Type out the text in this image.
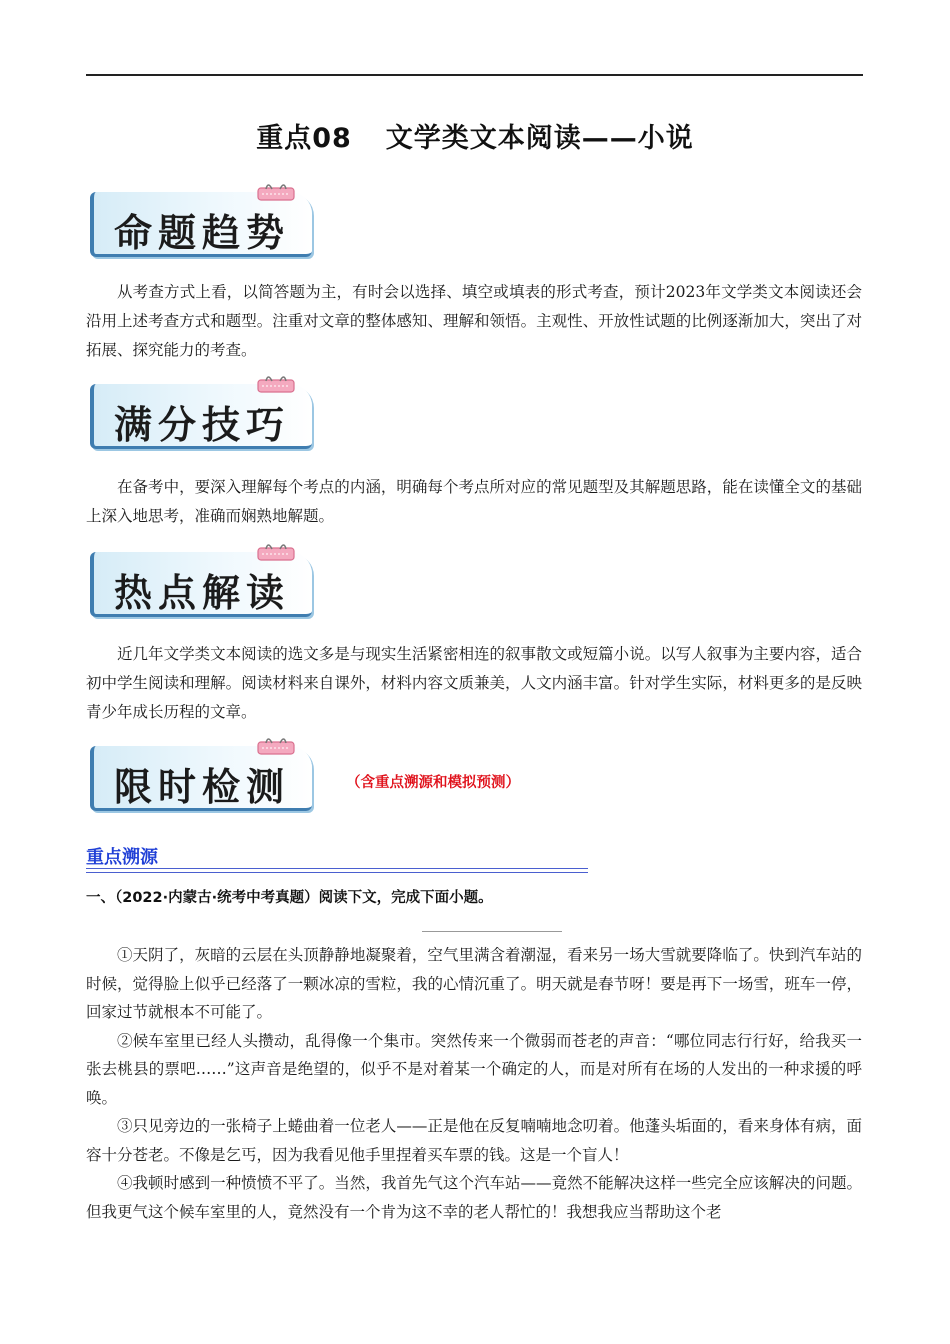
重点08 文学类文本阅读——小说
命题趋势
从考查方式上看，以简答题为主，有时会以选择、填空或填表的形式考查，预计2023年文学类文本阅读还会沿用上述考查方式和题型。注重对文章的整体感知、理解和领悟。主观性、开放性试题的比例逐渐加大，突出了对拓展、探究能力的考查。
满分技巧
在备考中，要深入理解每个考点的内涵，明确每个考点所对应的常见题型及其解题思路，能在读懂全文的基础上深入地思考，准确而娴熟地解题。
热点解读
近几年文学类文本阅读的选文多是与现实生活紧密相连的叙事散文或短篇小说。以写人叙事为主要内容，适合初中学生阅读和理解。阅读材料来自课外，材料内容文质兼美，人文内涵丰富。针对学生实际，材料更多的是反映青少年成长历程的文章。
限时检测	（含重点溯源和模拟预测）
重点溯源
一、（2022·内蒙古·统考中考真题）阅读下文，完成下面小题。

①天阴了，灰暗的云层在头顶静静地凝聚着，空气里满含着潮湿，看来另一场大雪就要降临了。快到汽车站的时候，觉得脸上似乎已经落了一颗冰凉的雪粒，我的心情沉重了。明天就是春节呀！要是再下一场雪，班车一停，回家过节就根本不可能了。

②候车室里已经人头攒动，乱得像一个集市。突然传来一个微弱而苍老的声音：“哪位同志行行好，给我买一张去桃县的票吧……”这声音是绝望的，似乎不是对着某一个确定的人，而是对所有在场的人发出的一种求援的呼唤。

③只见旁边的一张椅子上蜷曲着一位老人——正是他在反复喃喃地念叨着。他蓬头垢面的，看来身体有病，面容十分苍老。不像是乞丐，因为我看见他手里捏着买车票的钱。这是一个盲人！

④我顿时感到一种愤愤不平了。当然，我首先气这个汽车站——竟然不能解决这样一些完全应该解决的问题。但我更气这个候车室里的人，竟然没有一个肯为这不幸的老人帮忙的！我想我应当帮助这个老
